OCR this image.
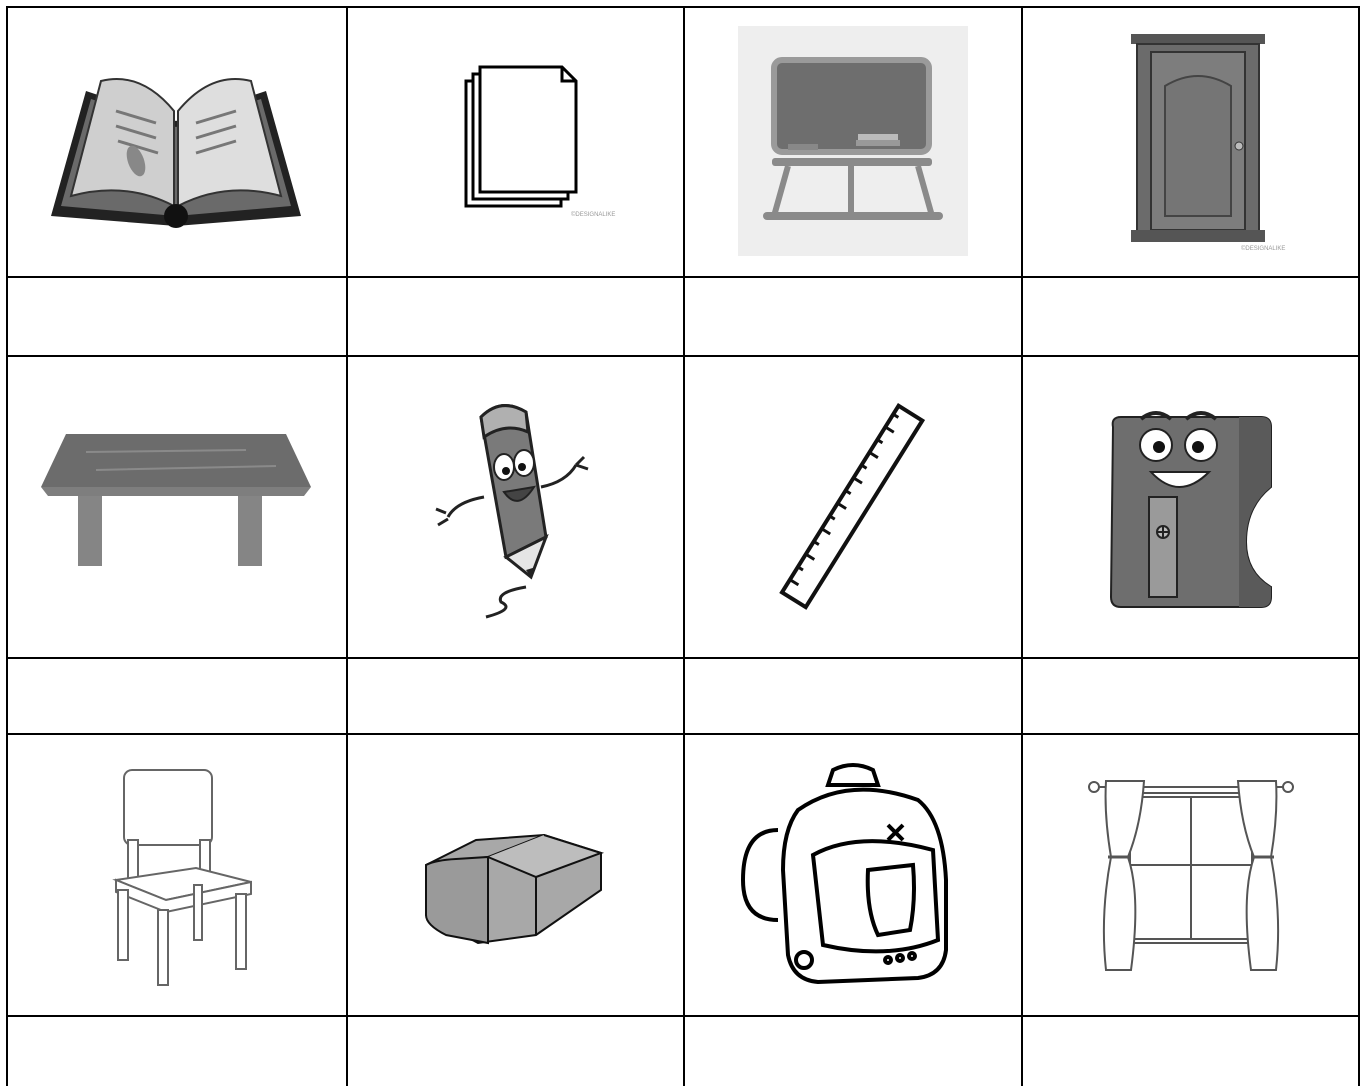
©DESIGNALIKE
©DESIGNALIKE
